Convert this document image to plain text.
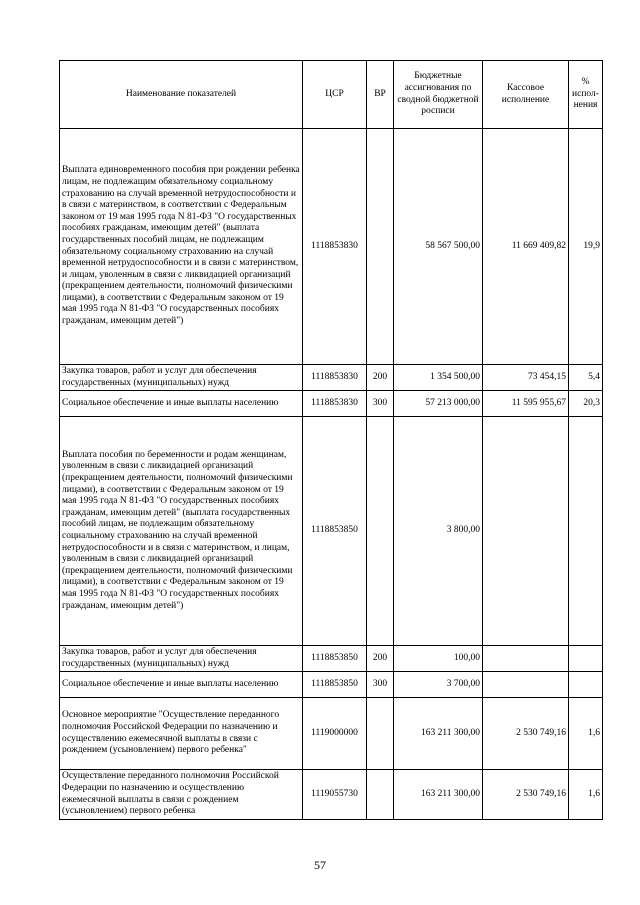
Наименование показателей	ЦСР	ВР	Бюджетные ассигнования по сводной бюджетной росписи	Кассовое исполнение	% испол-нения
Выплата единовременного пособия при рождении ребенка лицам, не подлежащим обязательному социальному страхованию на случай временной нетрудоспособности и в связи с материнством, в соответствии с Федеральным законом от 19 мая 1995 года N 81-ФЗ "О государственных пособиях гражданам, имеющим детей" (выплата государственных пособий лицам, не подлежащим обязательному социальному страхованию на случай временной нетрудоспособности и в связи с материнством, и лицам, уволенным в связи с ликвидацией организаций (прекращением деятельности, полномочий физическими лицами), в соответствии с Федеральным законом от 19 мая 1995 года N 81-ФЗ "О государственных пособиях гражданам, имеющим детей")	1118853830		58 567 500,00	11 669 409,82	19,9
Закупка товаров, работ и услуг для обеспечения государственных (муниципальных) нужд	1118853830	200	1 354 500,00	73 454,15	5,4
Социальное обеспечение и иные выплаты населению	1118853830	300	57 213 000,00	11 595 955,67	20,3
Выплата пособия по беременности и родам женщинам, уволенным в связи с ликвидацией организаций (прекращением деятельности, полномочий физическими лицами), в соответствии с Федеральным законом от 19 мая 1995 года N 81-ФЗ "О государственных пособиях гражданам, имеющим детей" (выплата государственных пособий лицам, не подлежащим обязательному социальному страхованию на случай временной нетрудоспособности и в связи с материнством, и лицам, уволенным в связи с ликвидацией организаций (прекращением деятельности, полномочий физическими лицами), в соответствии с Федеральным законом от 19 мая 1995 года N 81-ФЗ "О государственных пособиях гражданам, имеющим детей")	1118853850		3 800,00		
Закупка товаров, работ и услуг для обеспечения государственных (муниципальных) нужд	1118853850	200	100,00		
Социальное обеспечение и иные выплаты населению	1118853850	300	3 700,00		
Основное мероприятие "Осуществление переданного полномочия Российской Федерации по назначению и осуществлению ежемесячной выплаты в связи с рождением (усыновлением) первого ребенка"	1119000000		163 211 300,00	2 530 749,16	1,6
Осуществление переданного полномочия Российской Федерации по назначению и осуществлению ежемесячной выплаты в связи с рождением (усыновлением) первого ребенка	1119055730		163 211 300,00	2 530 749,16	1,6
57
